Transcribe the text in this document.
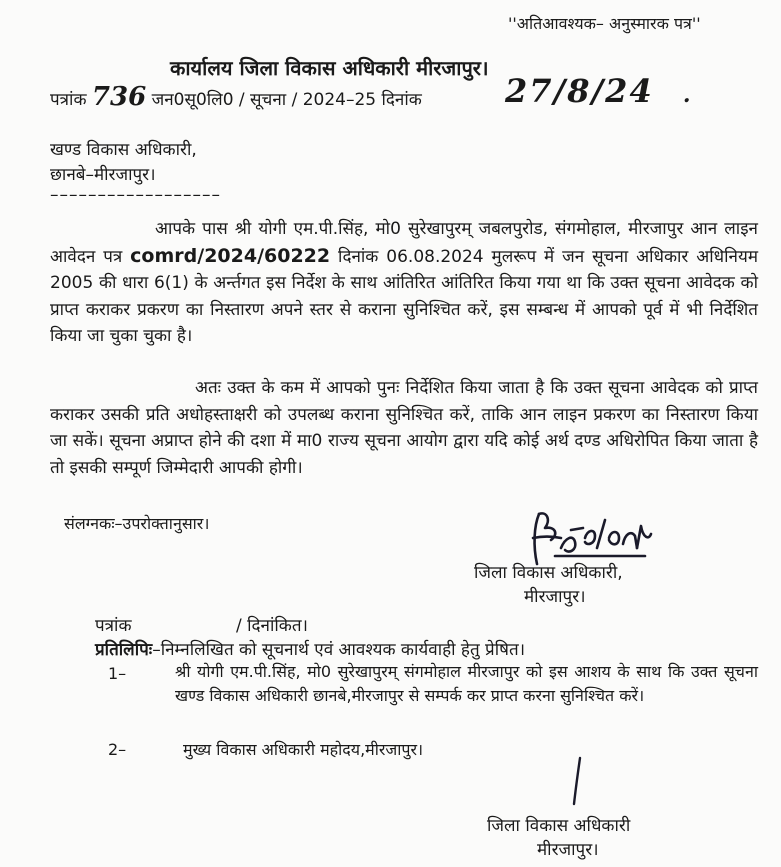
''अतिआवश्यक– अनुस्मारक पत्र''
कार्यालय जिला विकास अधिकारी मीरजापुर।
पत्रांक 736 जन0सू0लि0 / सूचना / 2024–25 दिनांक	27/8/24 .
खण्ड विकास अधिकारी,
छानबे–मीरजापुर।
––––––––––––––––––
आपके पास श्री योगी एम.पी.सिंह, मो0 सुरेखापुरम् जबलपुरोड, संगमोहाल, मीरजापुर आन लाइन आवेदन पत्र comrd/2024/60222 दिनांक 06.08.2024 मुलरूप में जन सूचना अधिकार अधिनियम 2005 की धारा 6(1) के अर्न्तगत इस निर्देश के साथ आंतिरित आंतिरित किया गया था कि उक्त सूचना आवेदक को प्राप्त कराकर प्रकरण का निस्तारण अपने स्तर से कराना सुनिश्चित करें, इस सम्बन्ध में आपको पूर्व में भी निर्देशित किया जा चुका चुका है।
अतः उक्त के कम में आपको पुनः निर्देशित किया जाता है कि उक्त सूचना आवेदक को प्राप्त कराकर उसकी प्रति अधोहस्ताक्षरी को उपलब्ध कराना सुनिश्चित करें, ताकि आन लाइन प्रकरण का निस्तारण किया जा सकें। सूचना अप्राप्त होने की दशा में मा0 राज्य सूचना आयोग द्वारा यदि कोई अर्थ दण्ड अधिरोपित किया जाता है तो इसकी सम्पूर्ण जिम्मेदारी आपकी होगी।
संलग्नकः–उपरोक्तानुसार।
जिला विकास अधिकारी,
मीरजापुर।
पत्रांक	/ दिनांकित।
प्रतिलिपिः–निम्नलिखित को सूचनार्थ एवं आवश्यक कार्यवाही हेतु प्रेषित।
1–	श्री योगी एम.पी.सिंह, मो0 सुरेखापुरम् संगमोहाल मीरजापुर को इस आशय के साथ कि उक्त सूचना खण्ड विकास अधिकारी छानबे,मीरजापुर से सम्पर्क कर प्राप्त करना सुनिश्चित करें।
2–	मुख्य विकास अधिकारी महोदय,मीरजापुर।
जिला विकास अधिकारी
मीरजापुर।
